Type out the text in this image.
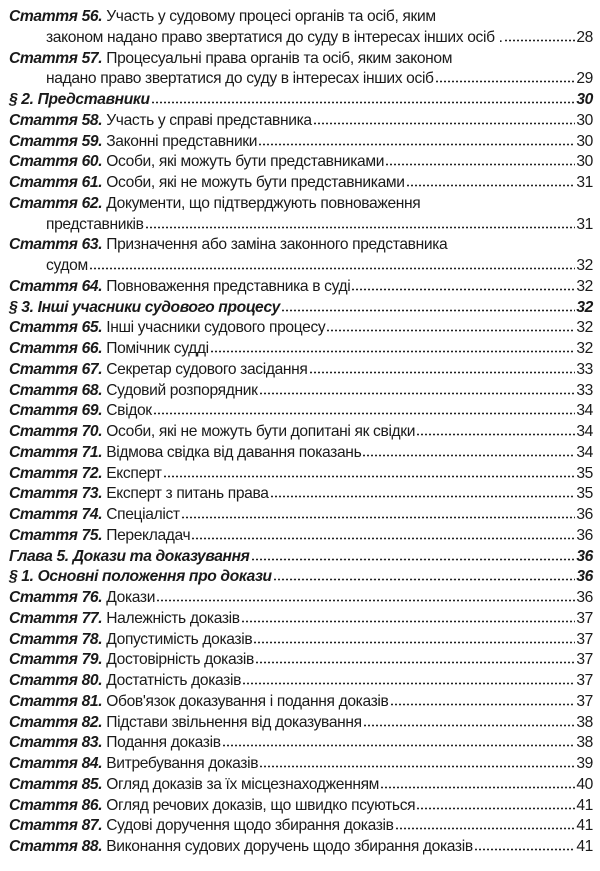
Стаття 56. Участь у судовому процесі органів та осіб, яким
законом надано право звертатися до суду в інтересах інших осіб .	28
Стаття 57. Процесуальні права органів та осіб, яким законом
надано право звертатися до суду в інтересах інших осіб	29
§ 2. Представники	30
Стаття 58. Участь у справі представника	30
Стаття 59. Законні представники	30
Стаття 60. Особи, які можуть бути представниками	30
Стаття 61. Особи, які не можуть бути представниками	31
Стаття 62. Документи, що підтверджують повноваження
представників	31
Стаття 63. Призначення або заміна законного представника
судом	32
Стаття 64. Повноваження представника в суді	32
§ 3. Інші учасники судового процесу	32
Стаття 65. Інші учасники судового процесу	32
Стаття 66. Помічник судді	32
Стаття 67. Секретар судового засідання	33
Стаття 68. Судовий розпорядник	33
Стаття 69. Свідок	34
Стаття 70. Особи, які не можуть бути допитані як свідки	34
Стаття 71. Відмова свідка від давання показань	34
Стаття 72. Експерт	35
Стаття 73. Експерт з питань права	35
Стаття 74. Спеціаліст	36
Стаття 75. Перекладач	36
Глава 5. Докази та доказування	36
§ 1. Основні положення про докази	36
Стаття 76. Докази	36
Стаття 77. Належність доказів	37
Стаття 78. Допустимість доказів	37
Стаття 79. Достовірність доказів	37
Стаття 80. Достатність доказів	37
Стаття 81. Обов'язок доказування і подання доказів	37
Стаття 82. Підстави звільнення від доказування	38
Стаття 83. Подання доказів	38
Стаття 84. Витребування доказів	39
Стаття 85. Огляд доказів за їх місцезнаходженням	40
Стаття 86. Огляд речових доказів, що швидко псуються	41
Стаття 87. Судові доручення щодо збирання доказів	41
Стаття 88. Виконання судових доручень щодо збирання доказів	41
